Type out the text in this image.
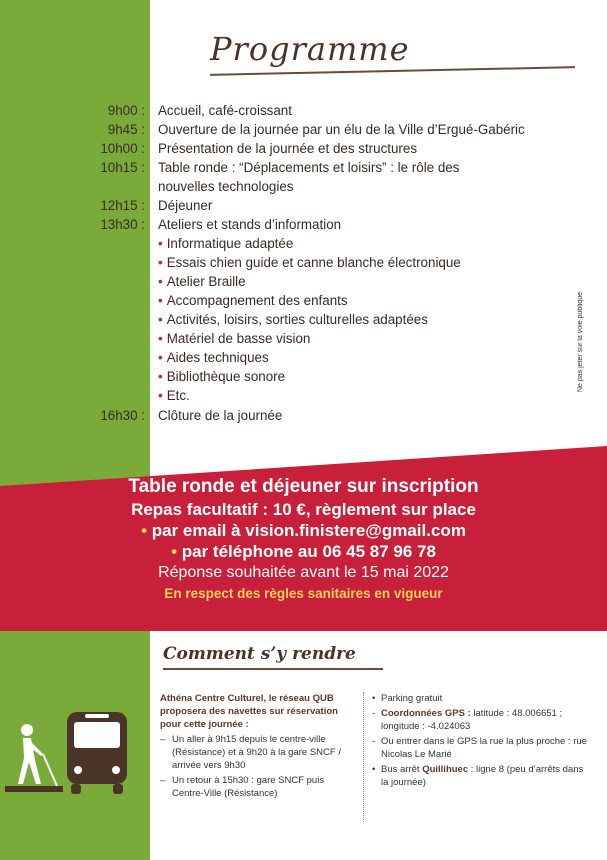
Programme
9h00 : Accueil, café-croissant
9h45 : Ouverture de la journée par un élu de la Ville d’Ergué-Gabéric
10h00 : Présentation de la journée et des structures
10h15 : Table ronde : “Déplacements et loisirs” : le rôle des nouvelles technologies
12h15 : Déjeuner
13h30 : Ateliers et stands d’information
• Informatique adaptée
• Essais chien guide et canne blanche électronique
• Atelier Braille
• Accompagnement des enfants
• Activités, loisirs, sorties culturelles adaptées
• Matériel de basse vision
• Aides techniques
• Bibliothèque sonore
• Etc.
16h30 : Clôture de la journée
Ne pas jeter sur la voie publique
Table ronde et déjeuner sur inscription
Repas facultatif : 10 €, règlement sur place
• par email à vision.finistere@gmail.com
• par téléphone au 06 45 87 96 78
Réponse souhaitée avant le 15 mai 2022
En respect des règles sanitaires en vigueur
Comment s’y rendre
Athéna Centre Culturel, le réseau QUB proposera des navettes sur réservation pour cette journée :
– Un aller à 9h15 depuis le centre-ville (Résistance) et à 9h20 à la gare SNCF / arrivée vers 9h30
– Un retour à 15h30 : gare SNCF puis Centre-Ville (Résistance)
• Parking gratuit
- Coordonnées GPS : latitude : 48.006651 ; longitude : -4.024063
- Ou entrer dans le GPS la rue la plus proche : rue Nicolas Le Marié
• Bus arrêt Quillihuec : ligne 8 (peu d’arrêts dans la journée)
